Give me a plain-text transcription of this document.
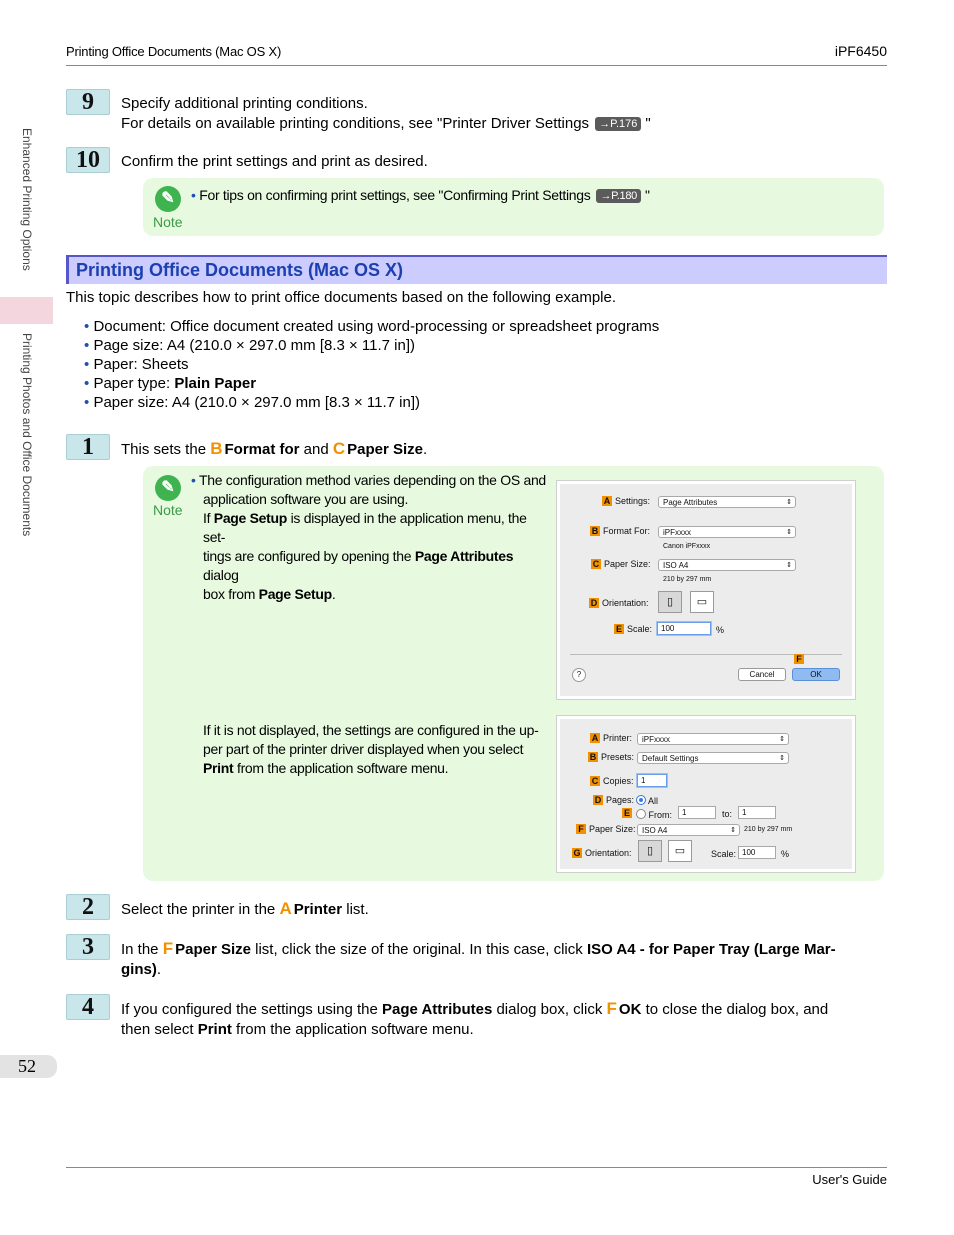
Printing Office Documents (Mac OS X)	iPF6450
Enhanced Printing Options
Printing Photos and Office Documents
9	Specify additional printing conditions.
For details on available printing conditions, see "Printer Driver Settings →P.176 "
10	Confirm the print settings and print as desired.
✎
Note
• For tips on confirming print settings, see "Confirming Print Settings →P.180 "
Printing Office Documents (Mac OS X)
This topic describes how to print office documents based on the following example.
• Document: Office document created using word-processing or spreadsheet programs
• Page size: A4 (210.0 × 297.0 mm [8.3 × 11.7 in])
• Paper: Sheets
• Paper type: Plain Paper
• Paper size: A4 (210.0 × 297.0 mm [8.3 × 11.7 in])
1	This sets the B Format for and C Paper Size.
✎
Note
• The configuration method varies depending on the OS and
application software you are using.
If Page Setup is displayed in the application menu, the set-
tings are configured by opening the Page Attributes dialog
box from Page Setup.
If it is not displayed, the settings are configured in the up-
per part of the printer driver displayed when you select
Print from the application software menu.
A Settings:	Page Attributes	⇕
B Format For:	iPFxxxx	⇕
Canon iPFxxxx
C Paper Size:	ISO A4	⇕
210 by 297 mm
D Orientation:	▯	▭
E Scale:	100	%
F
?	Cancel	OK
A Printer:	iPFxxxx	⇕
B Presets: Default Settings	⇕
C Copies: 1
D Pages:	All
E	From:	1	to:	1
F Paper Size: ISO A4	⇕ 210 by 297 mm
G Orientation:	▯	▭	Scale: 100	%
2	Select the printer in the A Printer list.
3	In the F Paper Size list, click the size of the original. In this case, click ISO A4 - for Paper Tray (Large Mar-
gins).
4	If you configured the settings using the Page Attributes dialog box, click F OK to close the dialog box, and
then select Print from the application software menu.
52
User's Guide
